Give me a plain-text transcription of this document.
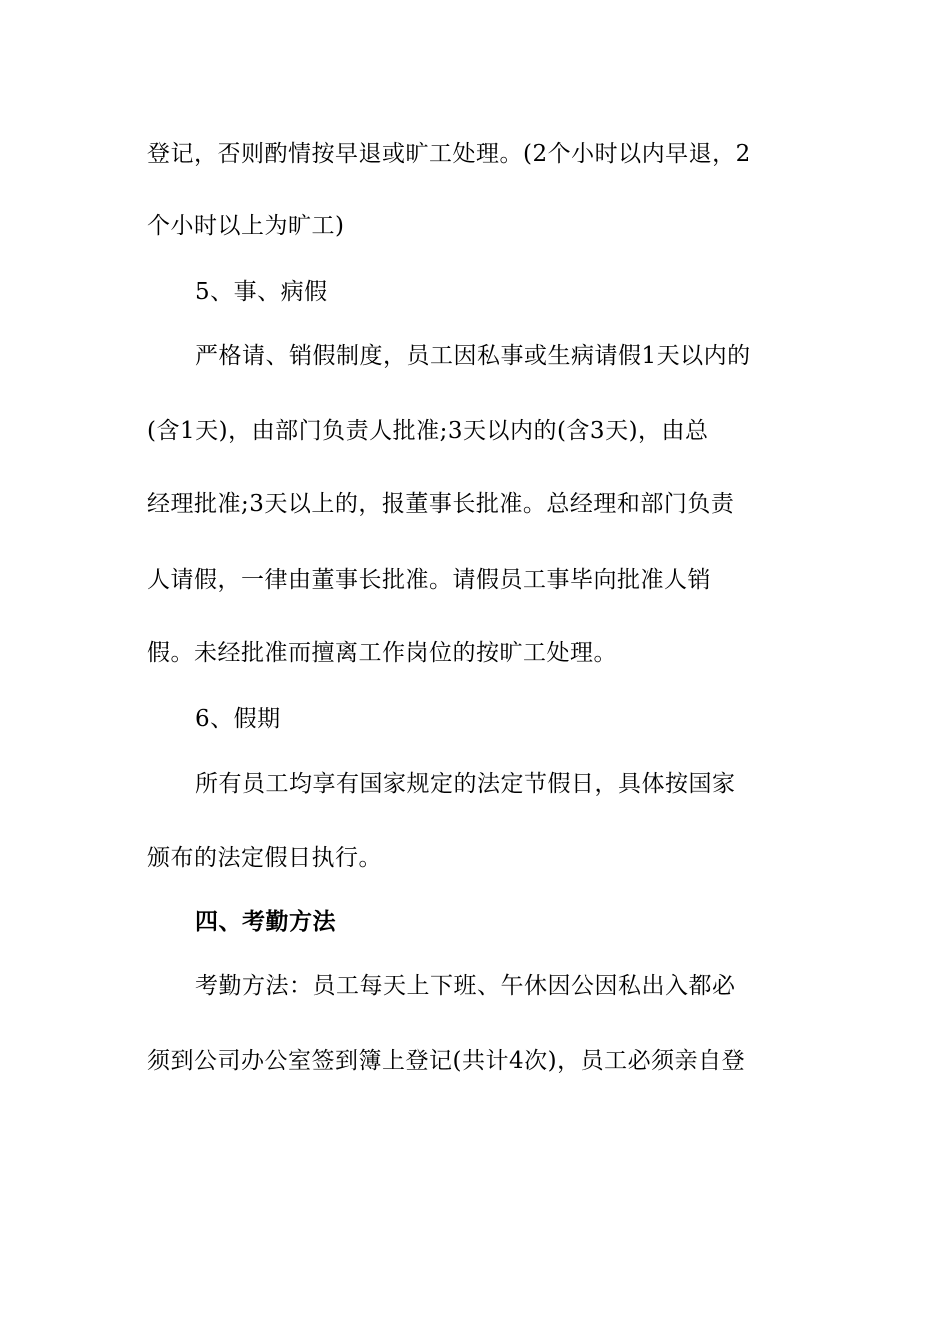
登记，否则酌情按早退或旷工处理。(2个小时以内早退，2
个小时以上为旷工)
5、事、病假
严格请、销假制度，员工因私事或生病请假1天以内的
(含1天)，由部门负责人批准;3天以内的(含3天)，由总
经理批准;3天以上的，报董事长批准。总经理和部门负责
人请假，一律由董事长批准。请假员工事毕向批准人销
假。未经批准而擅离工作岗位的按旷工处理。
6、假期
所有员工均享有国家规定的法定节假日，具体按国家
颁布的法定假日执行。
四、考勤方法
考勤方法：员工每天上下班、午休因公因私出入都必
须到公司办公室签到簿上登记(共计4次)，员工必须亲自登
